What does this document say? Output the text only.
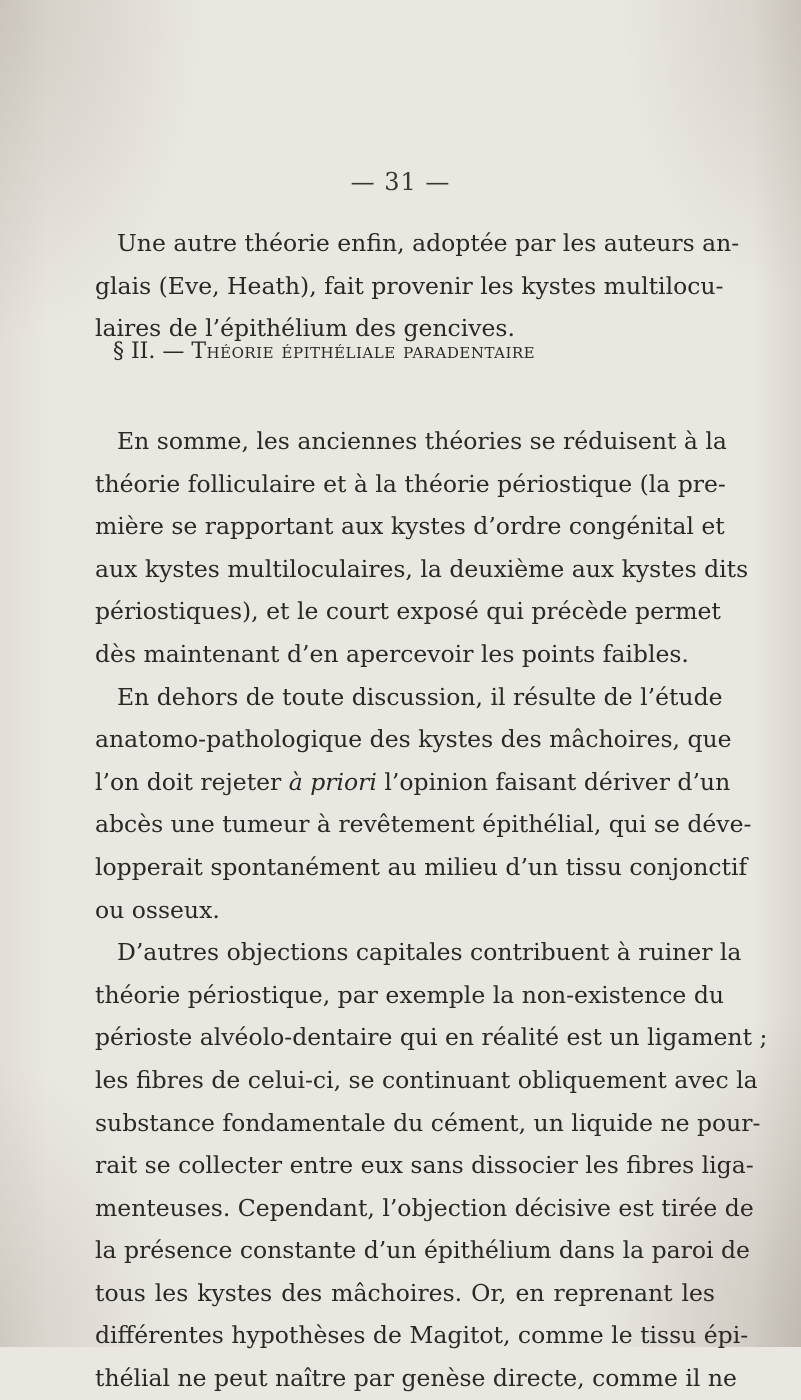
— 31 —
Une autre théorie enfin, adoptée par les auteurs an-
glais (Eve, Heath), fait provenir les kystes multilocu-
laires de l’épithélium des gencives.
§ II. — Théorie épithéliale paradentaire
En somme, les anciennes théories se réduisent à la
théorie folliculaire et à la théorie périostique (la pre-
mière se rapportant aux kystes d’ordre congénital et
aux kystes multiloculaires, la deuxième aux kystes dits
périostiques), et le court exposé qui précède permet
dès maintenant d’en apercevoir les points faibles.
En dehors de toute discussion, il résulte de l’étude
anatomo-pathologique des kystes des mâchoires, que
l’on doit rejeter à priori l’opinion faisant dériver d’un
abcès une tumeur à revêtement épithélial, qui se déve-
lopperait spontanément au milieu d’un tissu conjonctif
ou osseux.
D’autres objections capitales contribuent à ruiner la
théorie périostique, par exemple la non-existence du
périoste alvéolo-dentaire qui en réalité est un ligament ;
les fibres de celui-ci, se continuant obliquement avec la
substance fondamentale du cément, un liquide ne pour-
rait se collecter entre eux sans dissocier les fibres liga-
menteuses. Cependant, l’objection décisive est tirée de
la présence constante d’un épithélium dans la paroi de
tous les kystes des mâchoires. Or, en reprenant les
différentes hypothèses de Magitot, comme le tissu épi-
thélial ne peut naître par genèse directe, comme il ne
